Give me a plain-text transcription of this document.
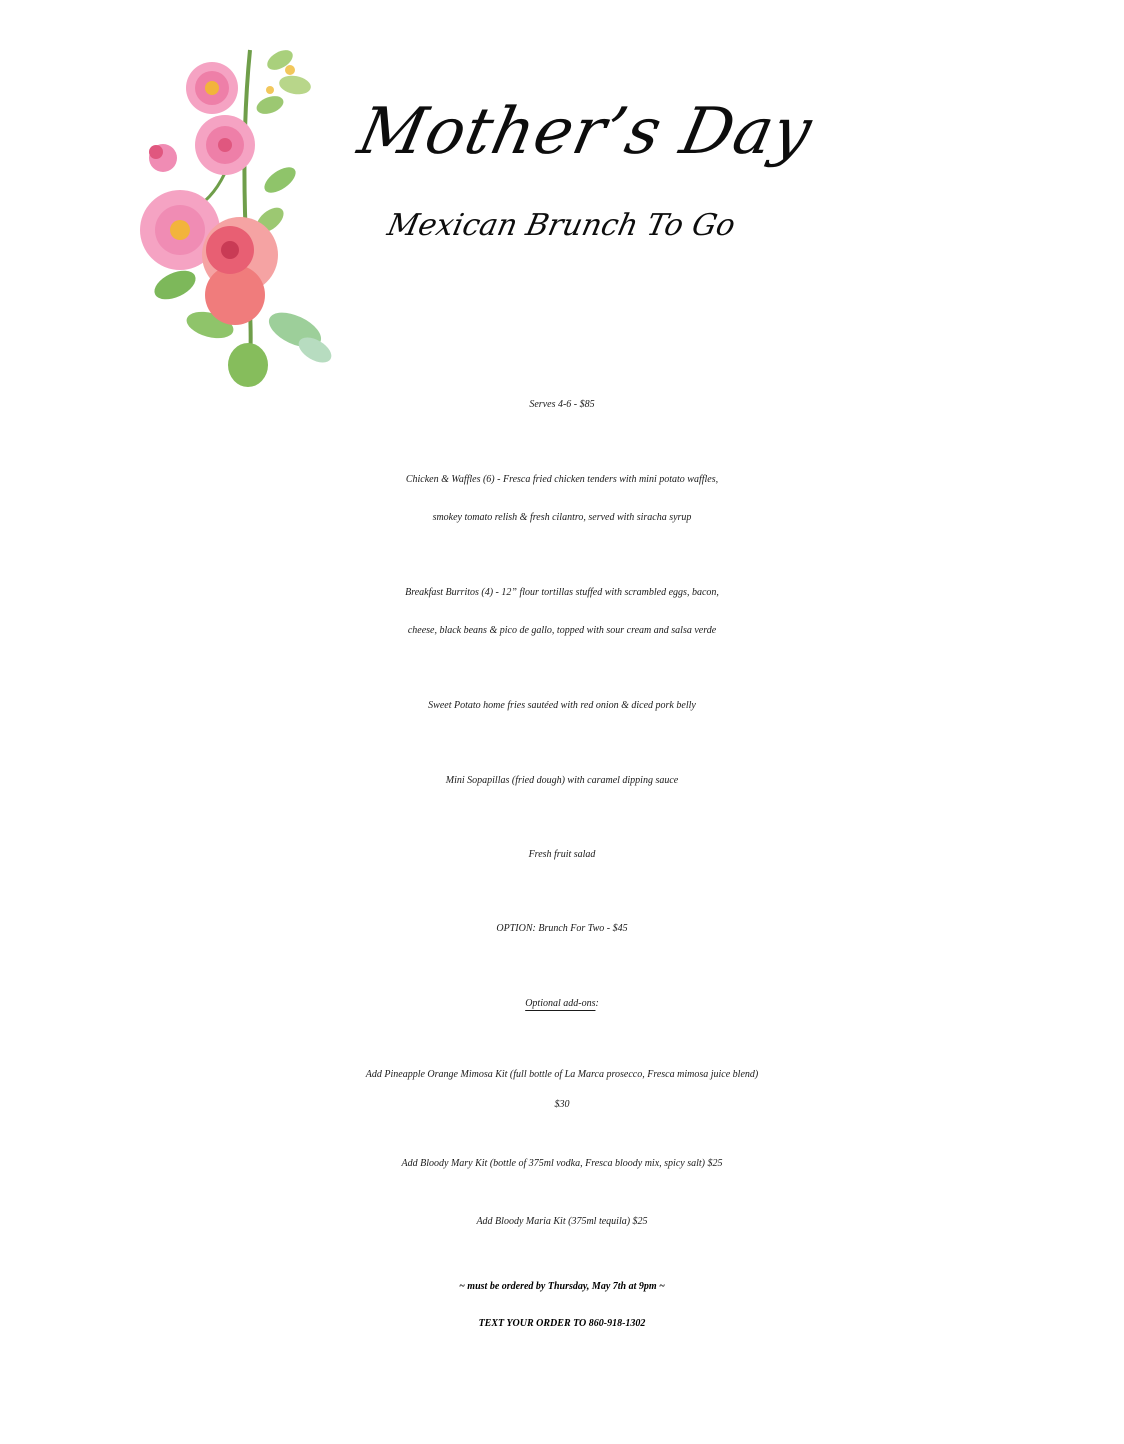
Mother’s Day
Mexican Brunch To Go
Serves 4-6 - $85
Chicken & Waffles (6) - Fresca fried chicken tenders with mini potato waffles,
smokey tomato relish & fresh cilantro, served with siracha syrup
Breakfast Burritos (4) - 12” flour tortillas stuffed with scrambled eggs, bacon,
cheese, black beans & pico de gallo, topped with sour cream and salsa verde
Sweet Potato home fries sautéed with red onion & diced pork belly
Mini Sopapillas (fried dough) with caramel dipping sauce
Fresh fruit salad
OPTION: Brunch For Two - $45
Optional add-ons:
Add Pineapple Orange Mimosa Kit (full bottle of La Marca prosecco, Fresca mimosa juice blend)
$30
Add Bloody Mary Kit (bottle of 375ml vodka, Fresca bloody mix, spicy salt) $25
Add Bloody Maria Kit (375ml tequila) $25
~ must be ordered by Thursday, May 7th at 9pm ~
TEXT YOUR ORDER TO 860-918-1302
